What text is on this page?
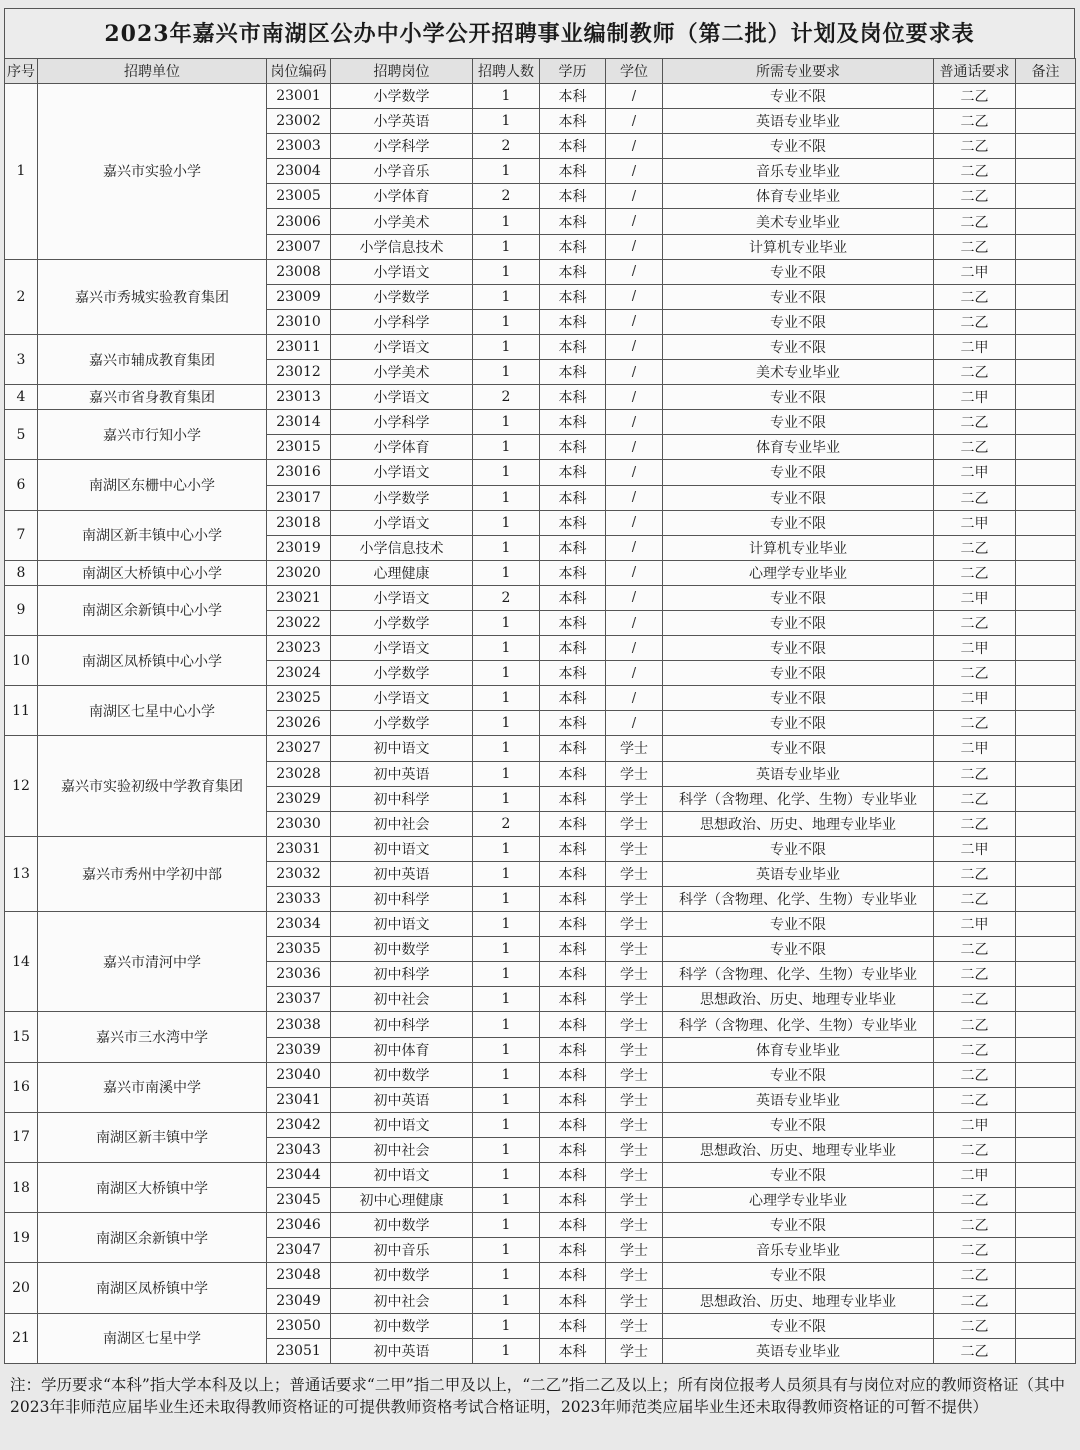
2023年嘉兴市南湖区公办中小学公开招聘事业编制教师（第二批）计划及岗位要求表
序号	招聘单位	岗位编码	招聘岗位	招聘人数	学历	学位	所需专业要求	普通话要求	备注
1	嘉兴市实验小学	23001	小学数学	1	本科	/	专业不限	二乙	
		23002	小学英语	1	本科	/	英语专业毕业	二乙	
		23003	小学科学	2	本科	/	专业不限	二乙	
		23004	小学音乐	1	本科	/	音乐专业毕业	二乙	
		23005	小学体育	2	本科	/	体育专业毕业	二乙	
		23006	小学美术	1	本科	/	美术专业毕业	二乙	
		23007	小学信息技术	1	本科	/	计算机专业毕业	二乙	
2	嘉兴市秀城实验教育集团	23008	小学语文	1	本科	/	专业不限	二甲	
		23009	小学数学	1	本科	/	专业不限	二乙	
		23010	小学科学	1	本科	/	专业不限	二乙	
3	嘉兴市辅成教育集团	23011	小学语文	1	本科	/	专业不限	二甲	
		23012	小学美术	1	本科	/	美术专业毕业	二乙	
4	嘉兴市省身教育集团	23013	小学语文	2	本科	/	专业不限	二甲	
5	嘉兴市行知小学	23014	小学科学	1	本科	/	专业不限	二乙	
		23015	小学体育	1	本科	/	体育专业毕业	二乙	
6	南湖区东栅中心小学	23016	小学语文	1	本科	/	专业不限	二甲	
		23017	小学数学	1	本科	/	专业不限	二乙	
7	南湖区新丰镇中心小学	23018	小学语文	1	本科	/	专业不限	二甲	
		23019	小学信息技术	1	本科	/	计算机专业毕业	二乙	
8	南湖区大桥镇中心小学	23020	心理健康	1	本科	/	心理学专业毕业	二乙	
9	南湖区余新镇中心小学	23021	小学语文	2	本科	/	专业不限	二甲	
		23022	小学数学	1	本科	/	专业不限	二乙	
10	南湖区凤桥镇中心小学	23023	小学语文	1	本科	/	专业不限	二甲	
		23024	小学数学	1	本科	/	专业不限	二乙	
11	南湖区七星中心小学	23025	小学语文	1	本科	/	专业不限	二甲	
		23026	小学数学	1	本科	/	专业不限	二乙	
12	嘉兴市实验初级中学教育集团	23027	初中语文	1	本科	学士	专业不限	二甲	
		23028	初中英语	1	本科	学士	英语专业毕业	二乙	
		23029	初中科学	1	本科	学士	科学（含物理、化学、生物）专业毕业	二乙	
		23030	初中社会	2	本科	学士	思想政治、历史、地理专业毕业	二乙	
13	嘉兴市秀州中学初中部	23031	初中语文	1	本科	学士	专业不限	二甲	
		23032	初中英语	1	本科	学士	英语专业毕业	二乙	
		23033	初中科学	1	本科	学士	科学（含物理、化学、生物）专业毕业	二乙	
14	嘉兴市清河中学	23034	初中语文	1	本科	学士	专业不限	二甲	
		23035	初中数学	1	本科	学士	专业不限	二乙	
		23036	初中科学	1	本科	学士	科学（含物理、化学、生物）专业毕业	二乙	
		23037	初中社会	1	本科	学士	思想政治、历史、地理专业毕业	二乙	
15	嘉兴市三水湾中学	23038	初中科学	1	本科	学士	科学（含物理、化学、生物）专业毕业	二乙	
		23039	初中体育	1	本科	学士	体育专业毕业	二乙	
16	嘉兴市南溪中学	23040	初中数学	1	本科	学士	专业不限	二乙	
		23041	初中英语	1	本科	学士	英语专业毕业	二乙	
17	南湖区新丰镇中学	23042	初中语文	1	本科	学士	专业不限	二甲	
		23043	初中社会	1	本科	学士	思想政治、历史、地理专业毕业	二乙	
18	南湖区大桥镇中学	23044	初中语文	1	本科	学士	专业不限	二甲	
		23045	初中心理健康	1	本科	学士	心理学专业毕业	二乙	
19	南湖区余新镇中学	23046	初中数学	1	本科	学士	专业不限	二乙	
		23047	初中音乐	1	本科	学士	音乐专业毕业	二乙	
20	南湖区凤桥镇中学	23048	初中数学	1	本科	学士	专业不限	二乙	
		23049	初中社会	1	本科	学士	思想政治、历史、地理专业毕业	二乙	
21	南湖区七星中学	23050	初中数学	1	本科	学士	专业不限	二乙	
		23051	初中英语	1	本科	学士	英语专业毕业	二乙	
注：学历要求“本科”指大学本科及以上；普通话要求“二甲”指二甲及以上，“二乙”指二乙及以上；所有岗位报考人员须具有与岗位对应的教师资格证（其中2023年非师范应届毕业生还未取得教师资格证的可提供教师资格考试合格证明，2023年师范类应届毕业生还未取得教师资格证的可暂不提供）
